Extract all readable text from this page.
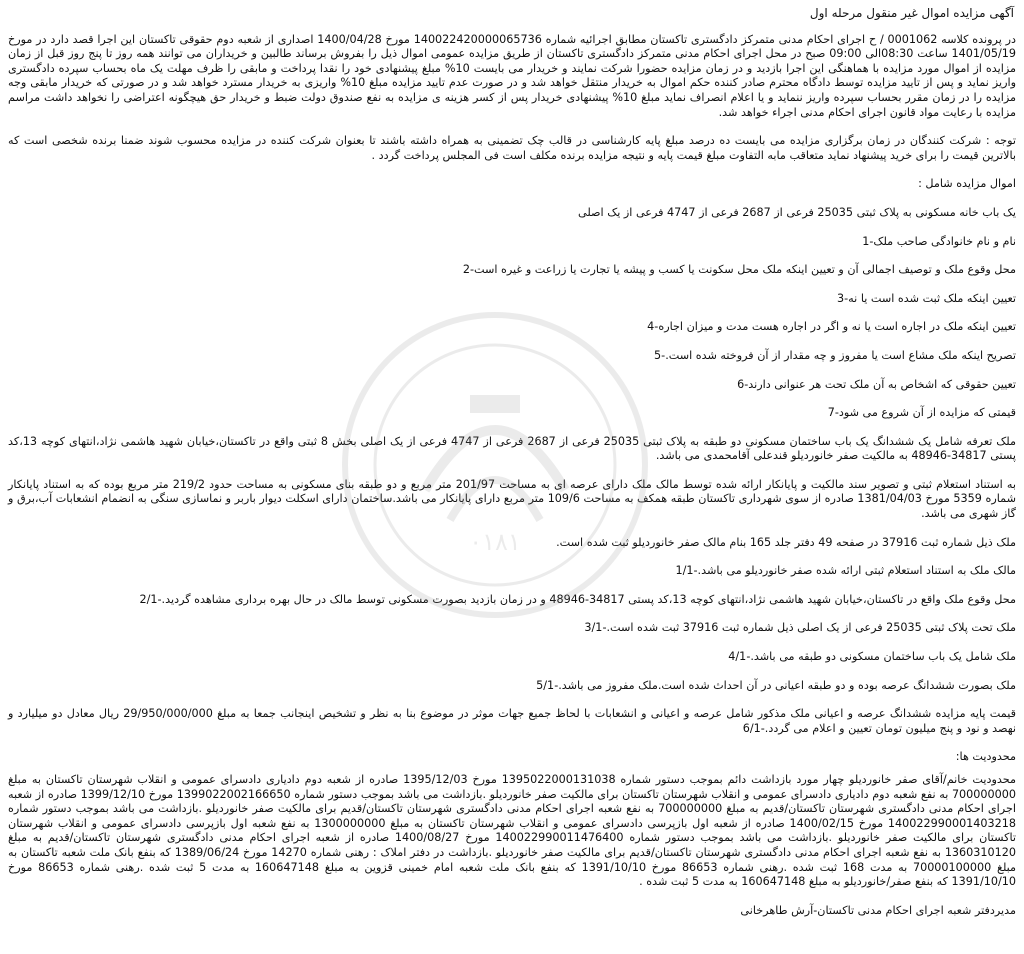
۰۱۸۱
آگهی مزایده اموال غیر منقول مرحله اول
در پرونده کلاسه 0001062 / ح اجرای احکام مدنی متمرکز دادگستری تاکستان مطابق اجرائیه شماره 140022420000065736 مورخ 1400/04/28 اصداری از شعبه دوم حقوقی تاکستان این اجرا قصد دارد در مورخ 1401/05/19 ساعت 08:30الی 09:00 صبح در محل اجرای احکام مدنی متمرکز دادگستری تاکستان از طریق مزایده عمومی اموال ذیل را بفروش برساند طالبین و خریداران می توانند همه روز تا پنج روز قبل از زمان مزایده از اموال مورد مزایده با هماهنگی این اجرا بازدید و در زمان مزایده حضورا شرکت نمایند و خریدار می بایست 10% مبلغ پیشنهادی خود را نقدا پرداخت و مابقی را ظرف مهلت یک ماه بحساب سپرده دادگستری واریز نماید و پس از تایید مزایده توسط دادگاه محترم صادر کننده حکم اموال به خریدار منتقل خواهد شد و در صورت عدم تایید مزایده مبلغ 10% واریزی به خریدار مسترد خواهد شد و در صورتی که خریدار مابقی وجه مزایده را در زمان مقرر بحساب سپرده واریز ننماید و یا اعلام انصراف نماید مبلغ 10% پیشنهادی خریدار پس از کسر هزینه ی مزایده به نفع صندوق دولت ضبط و خریدار حق هیچگونه اعتراضی را نخواهد داشت مراسم مزایده با رعایت مواد قانون اجرای احکام مدنی اجراء خواهد شد.
توجه : شرکت کنندگان در زمان برگزاری مزایده می بایست ده درصد مبلغ پایه کارشناسی در قالب چک تضمینی به همراه داشته باشند تا بعنوان شرکت کننده در مزایده محسوب شوند ضمنا برنده شخصی است که بالاترین قیمت را برای خرید پیشنهاد نماید متعاقب مابه التفاوت مبلغ قیمت پایه و نتیجه مزایده برنده مکلف است فی المجلس پرداخت گردد .
اموال مزایده شامل :
یک باب خانه مسکونی به پلاک ثبتی 25035 فرعی از 2687 فرعی از 4747 فرعی از یک اصلی
نام و نام خانوادگی صاحب ملک-1
محل وقوع ملک و توصیف اجمالی آن و تعیین اینکه ملک محل سکونت یا کسب و پیشه یا تجارت یا زراعت و غیره است-2
تعیین اینکه ملک ثبت شده است یا نه-3
تعیین اینکه ملک در اجاره است یا نه و اگر در اجاره هست مدت و میزان اجاره-4
تصریح اینکه ملک مشاع است یا مفروز و چه مقدار از آن فروخته شده است.-5
تعیین حقوقی که اشخاص به آن ملک تحت هر عنوانی دارند-6
قیمتی که مزایده از آن شروع می شود-7
ملک تعرفه شامل یک ششدانگ یک باب ساختمان مسکونی دو طبقه به پلاک ثبتی 25035 فرعی از 2687 فرعی از 4747 فرعی از یک اصلی بخش 8 ثبتی واقع در تاکستان،خیابان شهید هاشمی نژاد،انتهای کوچه 13،کد پستی 34817-48946 به مالکیت صفر خانوردیلو قندعلی آقامحمدی می باشد.
به استناد استعلام ثبتی و تصویر سند مالکیت و پایانکار ارائه شده توسط مالک ملک دارای عرصه ای به مساحت 201/97 متر مربع و دو طبقه بنای مسکونی به مساحت حدود 219/2 متر مربع بوده که به استناد پایانکار شماره 5359 مورخ 1381/04/03 صادره از سوی شهرداری تاکستان طبقه همکف به مساحت 109/6 متر مربع دارای پایانکار می باشد.ساختمان دارای اسکلت دیوار باربر و نماسازی سنگی به انضمام انشعابات آب،برق و گاز شهری می باشد.
ملک ذیل شماره ثبت 37916 در صفحه 49 دفتر جلد 165 بنام مالک صفر خانوردیلو ثبت شده است.
مالک ملک به استناد استعلام ثبتی ارائه شده صفر خانوردیلو می باشد.-1/1
محل وقوع ملک واقع در تاکستان،خیابان شهید هاشمی نژاد،انتهای کوچه 13،کد پستی 34817-48946 و در زمان بازدید بصورت مسکونی توسط مالک در حال بهره برداری مشاهده گردید.-2/1
ملک تحت پلاک ثبتی 25035 فرعی از یک اصلی ذیل شماره ثبت 37916 ثبت شده است.-3/1
ملک شامل یک باب ساختمان مسکونی دو طبقه می باشد.-4/1
ملک بصورت ششدانگ عرصه بوده و دو طبقه اعیانی در آن احداث شده است.ملک مفروز می باشد.-5/1
قیمت پایه مزایده ششدانگ عرصه و اعیانی ملک مذکور شامل عرصه و اعیانی و انشعابات با لحاظ جمیع جهات موثر در موضوع بنا به نظر و تشخیص اینجانب جمعا به مبلغ 29/950/000/000 ریال معادل دو میلیارد و نهصد و نود و پنج میلیون تومان تعیین و اعلام می گردد.-6/1
محدودیت ها:
محدودیت خانم/آقای صفر خانوردیلو چهار مورد بازداشت دائم بموجب دستور شماره 1395022000131038 مورخ 1395/12/03 صادره از شعبه دوم دادیاری دادسرای عمومی و انقلاب شهرستان تاکستان به مبلغ 700000000 به نفع شعبه دوم دادیاری دادسرای عمومی و انقلاب شهرستان تاکستان برای مالکیت صفر خانوردیلو .بازداشت می باشد بموجب دستور شماره 1399022002166650 مورخ 1399/12/10 صادره از شعبه اجرای احکام مدنی دادگستری شهرستان تاکستان/قدیم به مبلغ 700000000 به نفع شعبه اجرای احکام مدنی دادگستری شهرستان تاکستان/قدیم برای مالکیت صفر خانوردیلو .بازداشت می باشد بموجب دستور شماره 140022990001403218 مورخ 1400/02/15 صادره از شعبه اول بازپرسی دادسرای عمومی و انقلاب شهرستان تاکستان به مبلغ 1300000000 به نفع شعبه اول بازپرسی دادسرای عمومی و انقلاب شهرستان تاکستان برای مالکیت صفر خانوردیلو .بازداشت می باشد بموجب دستور شماره 140022990011476400 مورخ 1400/08/27 صادره از شعبه اجرای احکام مدنی دادگستری شهرستان تاکستان/قدیم به مبلغ 1360310120 به نفع شعبه اجرای احکام مدنی دادگستری شهرستان تاکستان/قدیم برای مالکیت صفر خانوردیلو .بازداشت در دفتر املاک : رهنی شماره 14270 مورخ 1389/06/24 که بنفع بانک ملت شعبه تاکستان به مبلغ 70000100000 به مدت 168 ثبت شده .رهنی شماره 86653 مورخ 1391/10/10 که بنفع بانک ملت شعبه امام خمینی قزوین به مبلغ 160647148 به مدت 5 ثبت شده .رهنی شماره 86653 مورخ 1391/10/10 که بنفع صفر/خانوردیلو به مبلغ 160647148 به مدت 5 ثبت شده .
مدیردفتر شعبه اجرای احکام مدنی تاکستان-آرش طاهرخانی
